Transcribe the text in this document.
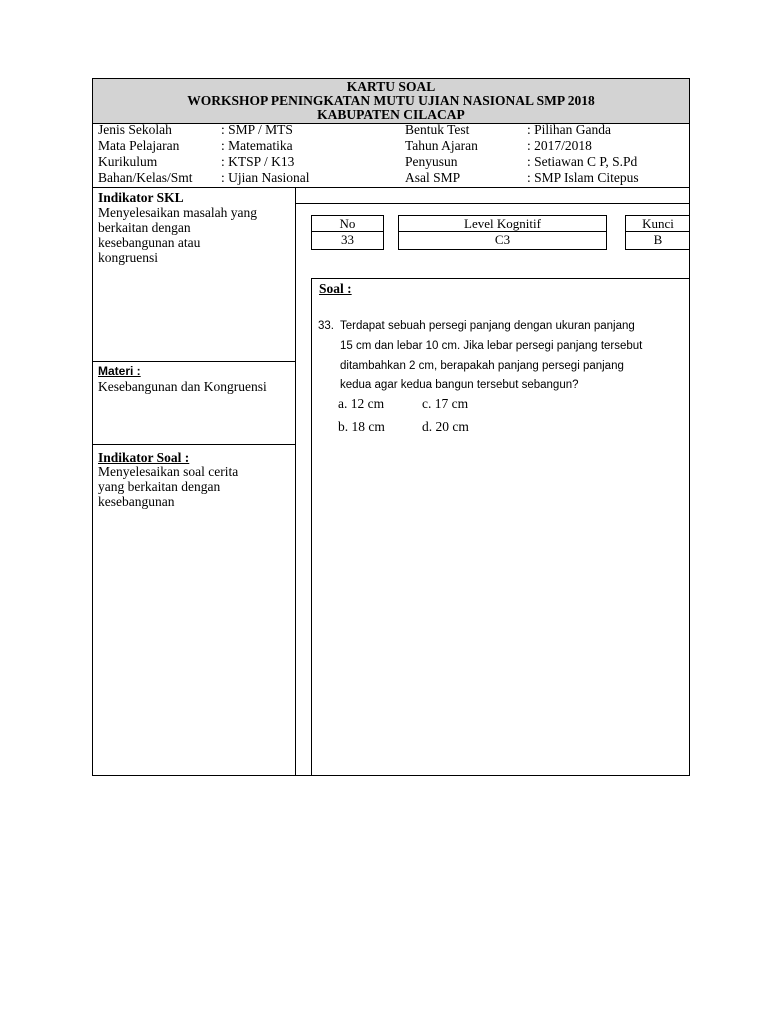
KARTU SOAL
WORKSHOP PENINGKATAN MUTU UJIAN NASIONAL SMP 2018
KABUPATEN CILACAP
Jenis Sekolah
Mata Pelajaran
Kurikulum
Bahan/Kelas/Smt
: SMP / MTS
: Matematika
: KTSP / K13
: Ujian Nasional
Bentuk Test
Tahun Ajaran
Penyusun
Asal SMP
: Pilihan Ganda
: 2017/2018
: Setiawan C P, S.Pd
: SMP Islam Citepus
Indikator SKL
Menyelesaikan masalah yang
berkaitan dengan
kesebangunan atau
kongruensi
Materi :
Kesebangunan dan Kongruensi
Indikator Soal :
Menyelesaikan soal cerita
yang berkaitan dengan
kesebangunan
No
33
Level Kognitif
C3
Kunci
B
Soal :
33. Terdapat sebuah persegi panjang dengan ukuran panjang
15 cm dan lebar 10 cm. Jika lebar persegi panjang tersebut
ditambahkan 2 cm, berapakah panjang persegi panjang
kedua agar kedua bangun tersebut sebangun?
a. 12 cm	c. 17 cm
b. 18 cm	d. 20 cm
